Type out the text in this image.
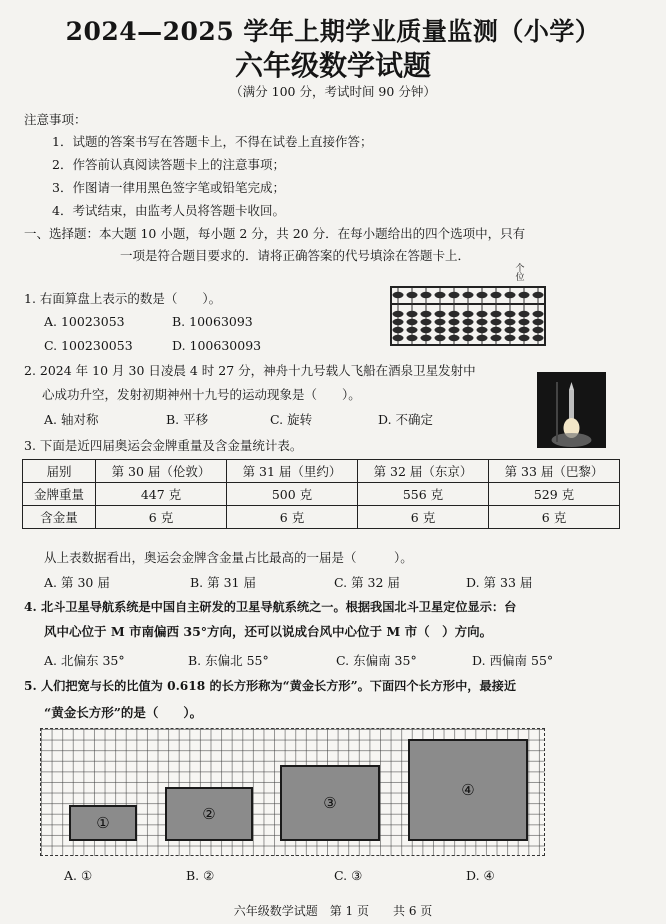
2024—2025 学年上期学业质量监测（小学）
六年级数学试题
（满分 100 分，考试时间 90 分钟）
注意事项：
1．试题的答案书写在答题卡上，不得在试卷上直接作答；
2．作答前认真阅读答题卡上的注意事项；
3．作图请一律用黑色签字笔或铅笔完成；
4．考试结束，由监考人员将答题卡收回。
一、选择题：本大题 10 小题，每小题 2 分，共 20 分．在每小题给出的四个选项中，只有
一项是符合题目要求的．请将正确答案的代号填涂在答题卡上．
1. 右面算盘上表示的数是（　　）。
A. 10023053	B. 10063093
C. 100230053	D. 100630093
个位
2. 2024 年 10 月 30 日凌晨 4 时 27 分，神舟十九号载人飞船在酒泉卫星发射中
心成功升空，发射初期神州十九号的运动现象是（　　）。
A. 轴对称	B. 平移	C. 旋转	D. 不确定
3. 下面是近四届奥运会金牌重量及含金量统计表。
届别	第 30 届（伦敦）	第 31 届（里约）	第 32 届（东京）	第 33 届（巴黎）
金牌重量	447 克	500 克	556 克	529 克
含金量	6 克	6 克	6 克	6 克
从上表数据看出，奥运会金牌含金量占比最高的一届是（　　　）。
A. 第 30 届	B. 第 31 届	C. 第 32 届	D. 第 33 届
4. 北斗卫星导航系统是中国自主研发的卫星导航系统之一。根据我国北斗卫星定位显示：台
风中心位于 M 市南偏西 35°方向，还可以说成台风中心位于 M 市（　）方向。
A. 北偏东 35°	B. 东偏北 55°	C. 东偏南 35°	D. 西偏南 55°
5. 人们把宽与长的比值为 0.618 的长方形称为“黄金长方形”。下面四个长方形中，最接近
“黄金长方形”的是（　　）。
①	②
③
④
A. ①	B. ②	C. ③	D. ④
六年级数学试题　第 1 页　　共 6 页
